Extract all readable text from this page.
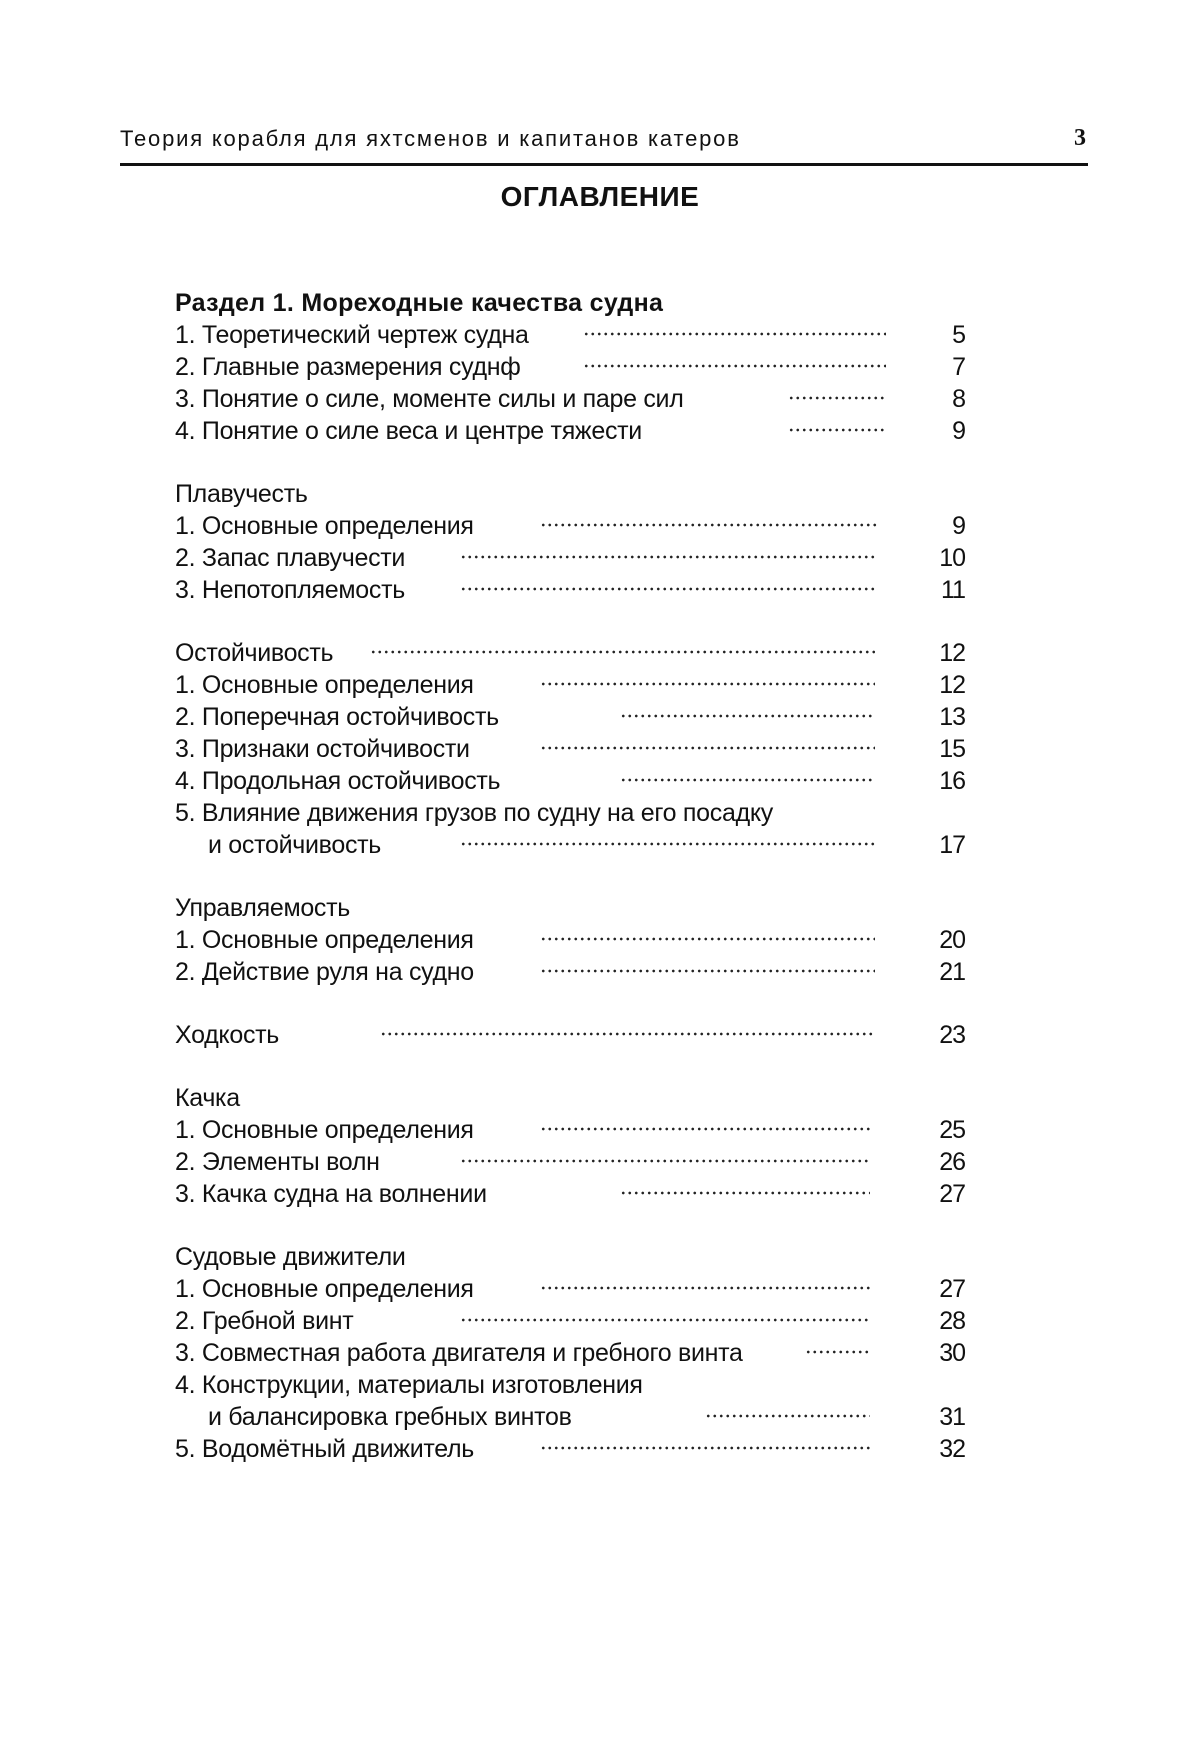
Теория корабля для яхтсменов и капитанов катеров	3
ОГЛАВЛЕНИЕ
Раздел 1. Мореходные качества судна
1. Теоретический чертеж судна	5
2. Главные размерения суднф	7
3. Понятие о силе, моменте силы и паре сил	8
4. Понятие о силе веса и центре тяжести	9
Плавучесть
1. Основные определения	9
2. Запас плавучести	10
3. Непотопляемость	11
Остойчивость	12
1. Основные определения	12
2. Поперечная остойчивость	13
3. Признаки остойчивости	15
4. Продольная остойчивость	16
5. Влияние движения грузов по судну на его посадку
и остойчивость	17
Управляемость
1. Основные определения	20
2. Действие руля на судно	21
Ходкость	23
Качка
1. Основные определения	25
2. Элементы волн	26
3. Качка судна на волнении	27
Судовые движители
1. Основные определения	27
2. Гребной винт	28
3. Совместная работа двигателя и гребного винта	30
4. Конструкции, материалы изготовления
и балансировка гребных винтов	31
5. Водомётный движитель	32
